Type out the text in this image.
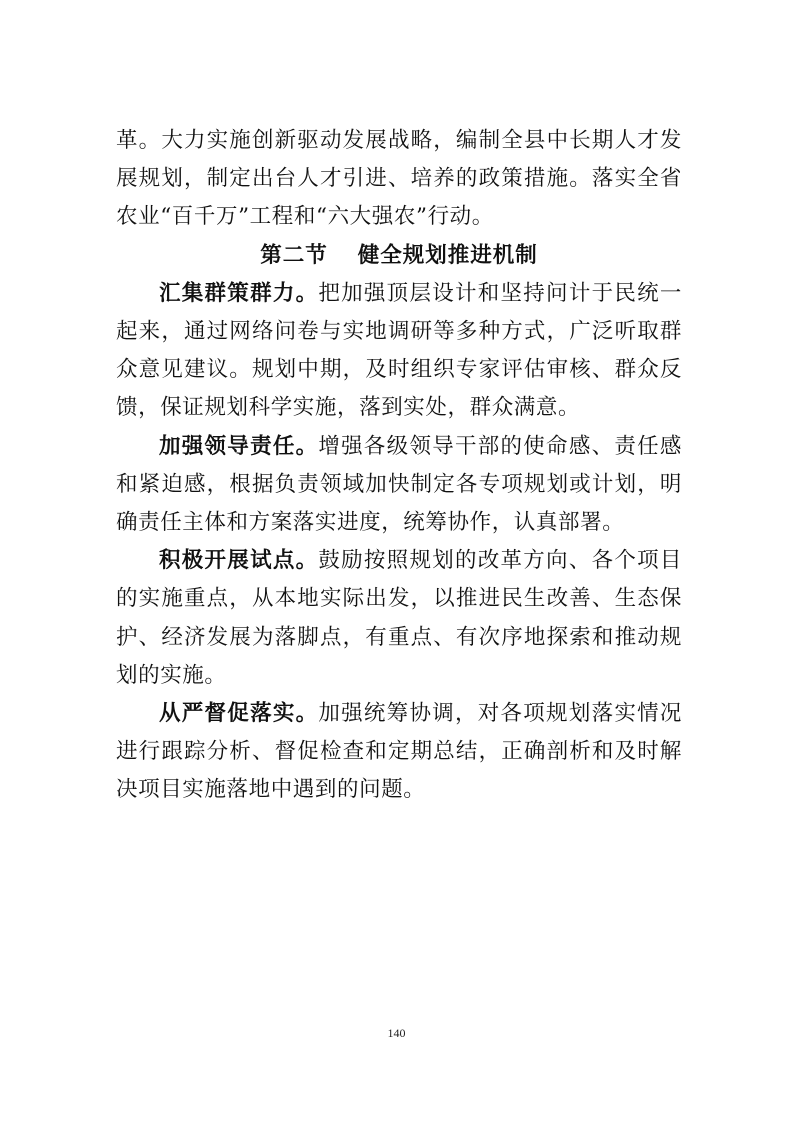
革。大力实施创新驱动发展战略，编制全县中长期人才发展规划，制定出台人才引进、培养的政策措施。落实全省农业“百千万”工程和“六大强农”行动。

第二节 健全规划推进机制

汇集群策群力。把加强顶层设计和坚持问计于民统一起来，通过网络问卷与实地调研等多种方式，广泛听取群众意见建议。规划中期，及时组织专家评估审核、群众反馈，保证规划科学实施，落到实处，群众满意。

加强领导责任。增强各级领导干部的使命感、责任感和紧迫感，根据负责领域加快制定各专项规划或计划，明确责任主体和方案落实进度，统筹协作，认真部署。

积极开展试点。鼓励按照规划的改革方向、各个项目的实施重点，从本地实际出发，以推进民生改善、生态保护、经济发展为落脚点，有重点、有次序地探索和推动规划的实施。

从严督促落实。加强统筹协调，对各项规划落实情况进行跟踪分析、督促检查和定期总结，正确剖析和及时解决项目实施落地中遇到的问题。

140
